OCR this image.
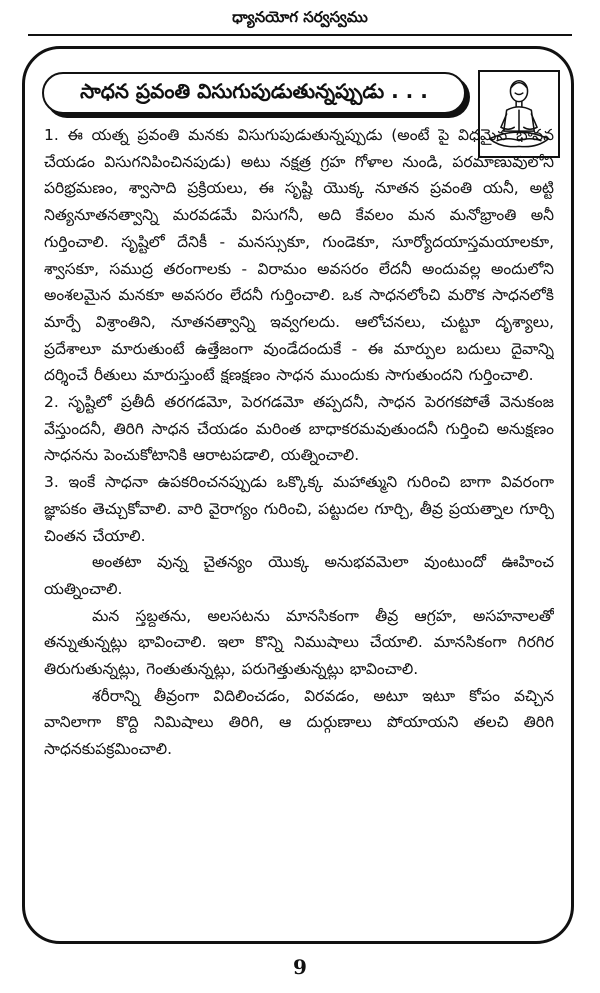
ధ్యానయోగ సర్వస్వము
సాధన ప్రవంతి విసుగుపుడుతున్నప్పుడు . . .

1. ఈ యత్న ప్రవంతి మనకు విసుగుపుడుతున్నప్పుడు (అంటే పై విధమైన భావన చేయడం విసుగనిపించినపుడు) అటు నక్షత్ర గ్రహ గోళాల నుండి, పరమాణువులోని పరిభ్రమణం, శ్వాసాది ప్రక్రియలు, ఈ సృష్టి యొక్క నూతన ప్రవంతి యనీ, అట్టి నిత్యనూతనత్వాన్ని మరవడమే విసుగనీ, అది కేవలం మన మనోభ్రాంతి అనీ గుర్తించాలి. సృష్టిలో దేనికీ - మనస్సుకూ, గుండెకూ, సూర్యోదయాస్తమయాలకూ, శ్వాసకూ, సముద్ర తరంగాలకు - విరామం అవసరం లేదనీ అందువల్ల అందులోని అంశలమైన మనకూ అవసరం లేదనీ గుర్తించాలి. ఒక సాధనలోంచి మరొక సాధనలోకి మార్పే విశ్రాంతిని, నూతనత్వాన్ని ఇవ్వగలదు. ఆలోచనలు, చుట్టూ దృశ్యాలు, ప్రదేశాలూ మారుతుంటే ఉత్తేజంగా వుండేదందుకే - ఈ మార్పుల బదులు దైవాన్ని దర్శించే రీతులు మారుస్తుంటే క్షణక్షణం సాధన ముందుకు సాగుతుందని గుర్తించాలి.

2. సృష్టిలో ప్రతీదీ తరగడమో, పెరగడమో తప్పదనీ, సాధన పెరగకపోతే వెనుకంజ వేస్తుందనీ, తిరిగి సాధన చేయడం మరింత బాధాకరమవుతుందనీ గుర్తించి అనుక్షణం సాధనను పెంచుకోటానికి ఆరాటపడాలి, యత్నించాలి.

3. ఇంకే సాధనా ఉపకరించనప్పుడు ఒక్కొక్క మహాత్ముని గురించి బాగా వివరంగా జ్ఞాపకం తెచ్చుకోవాలి. వారి వైరాగ్యం గురించి, పట్టుదల గూర్చి, తీవ్ర ప్రయత్నాల గూర్చి చింతన చేయాలి.

అంతటా వున్న చైతన్యం యొక్క అనుభవమెలా వుంటుందో ఊహించ యత్నించాలి.

మన స్తబ్దతను, అలసటను మానసికంగా తీవ్ర ఆగ్రహ, అసహనాలతో తన్నుతున్నట్లు భావించాలి. ఇలా కొన్ని నిముషాలు చేయాలి. మానసికంగా గిరగిర తిరుగుతున్నట్లు, గెంతుతున్నట్లు, పరుగెత్తుతున్నట్లు భావించాలి.

శరీరాన్ని తీవ్రంగా విదిలించడం, విరవడం, అటూ ఇటూ కోపం వచ్చిన వానిలాగా కొద్ది నిమిషాలు తిరిగి, ఆ దుర్గుణాలు పోయాయని తలచి తిరిగి సాధనకుపక్రమించాలి.

9
